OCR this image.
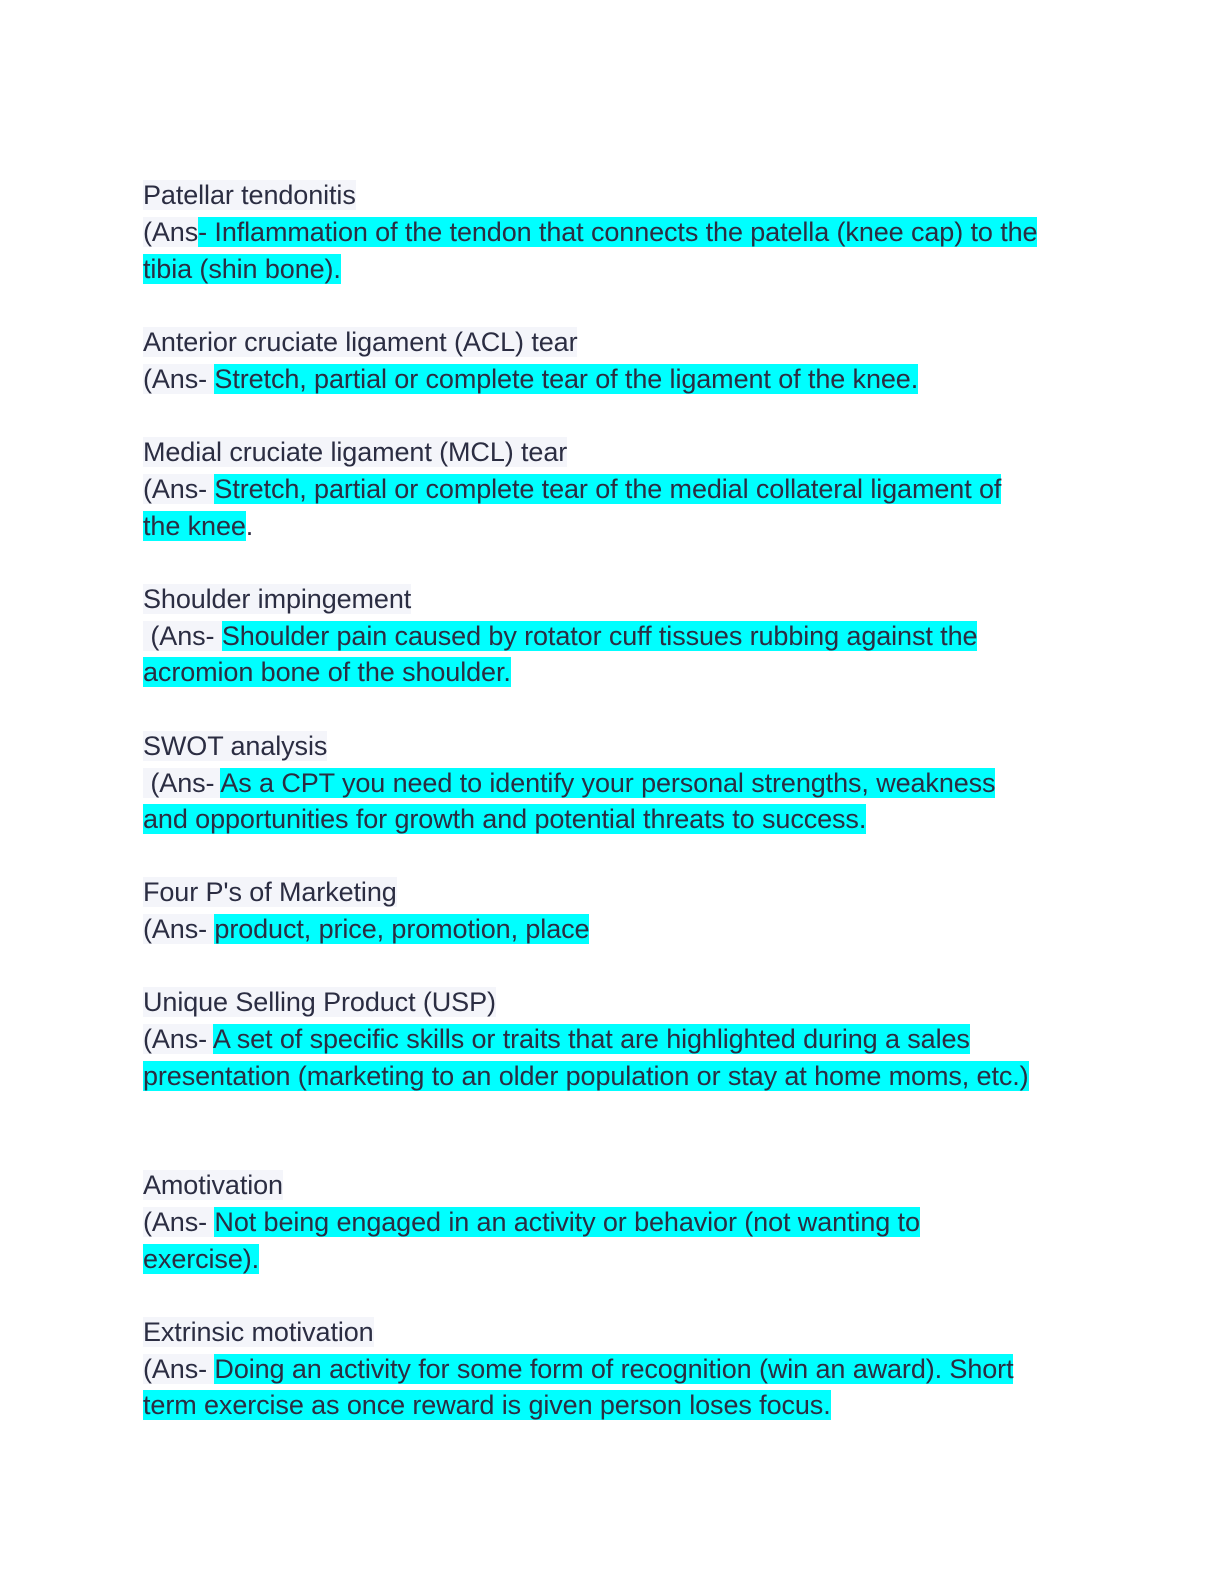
Patellar tendonitis
(Ans- Inflammation of the tendon that connects the patella (knee cap) to the
tibia (shin bone).
Anterior cruciate ligament (ACL) tear
(Ans- Stretch, partial or complete tear of the ligament of the knee.
Medial cruciate ligament (MCL) tear
(Ans- Stretch, partial or complete tear of the medial collateral ligament of
the knee.
Shoulder impingement
(Ans- Shoulder pain caused by rotator cuff tissues rubbing against the
acromion bone of the shoulder.
SWOT analysis
(Ans- As a CPT you need to identify your personal strengths, weakness
and opportunities for growth and potential threats to success.
Four P's of Marketing
(Ans- product, price, promotion, place
Unique Selling Product (USP)
(Ans- A set of specific skills or traits that are highlighted during a sales
presentation (marketing to an older population or stay at home moms, etc.)
Amotivation
(Ans- Not being engaged in an activity or behavior (not wanting to
exercise).
Extrinsic motivation
(Ans- Doing an activity for some form of recognition (win an award). Short
term exercise as once reward is given person loses focus.
